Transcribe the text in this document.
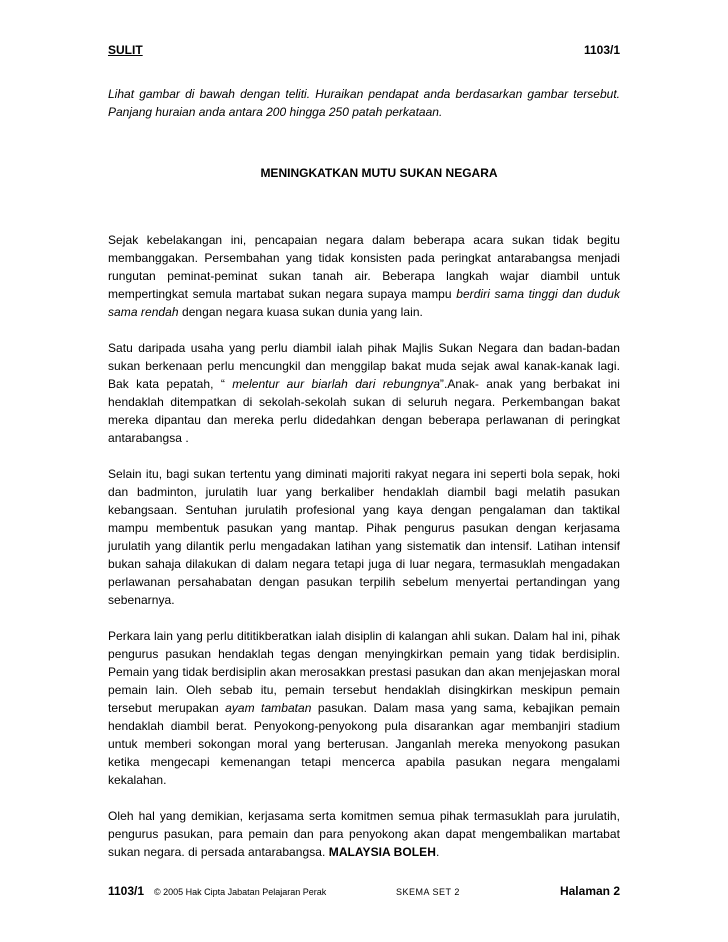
SULIT	1103/1

Lihat gambar di bawah dengan teliti. Huraikan pendapat anda berdasarkan gambar tersebut. Panjang huraian anda antara 200 hingga 250 patah perkataan.

MENINGKATKAN MUTU SUKAN NEGARA

Sejak kebelakangan ini, pencapaian negara dalam beberapa acara sukan tidak begitu membanggakan. Persembahan yang tidak konsisten pada peringkat antarabangsa menjadi rungutan peminat-peminat sukan tanah air. Beberapa langkah wajar diambil untuk mempertingkat semula martabat sukan negara supaya mampu berdiri sama tinggi dan duduk sama rendah dengan negara kuasa sukan dunia yang lain.

Satu daripada usaha yang perlu diambil ialah pihak Majlis Sukan Negara dan badan-badan sukan berkenaan perlu mencungkil dan menggilap bakat muda sejak awal kanak-kanak lagi. Bak kata pepatah, “ melentur aur biarlah dari rebungnya”.Anak- anak yang berbakat ini hendaklah ditempatkan di sekolah-sekolah sukan di seluruh negara. Perkembangan bakat mereka dipantau dan mereka perlu didedahkan dengan beberapa perlawanan di peringkat antarabangsa .

Selain itu, bagi sukan tertentu yang diminati majoriti rakyat negara ini seperti bola sepak, hoki dan badminton, jurulatih luar yang berkaliber hendaklah diambil bagi melatih pasukan kebangsaan. Sentuhan jurulatih profesional yang kaya dengan pengalaman dan taktikal mampu membentuk pasukan yang mantap. Pihak pengurus pasukan dengan kerjasama jurulatih yang dilantik perlu mengadakan latihan yang sistematik dan intensif. Latihan intensif bukan sahaja dilakukan di dalam negara tetapi juga di luar negara, termasuklah mengadakan perlawanan persahabatan dengan pasukan terpilih sebelum menyertai pertandingan yang sebenarnya.

Perkara lain yang perlu dititikberatkan ialah disiplin di kalangan ahli sukan. Dalam hal ini, pihak pengurus pasukan hendaklah tegas dengan menyingkirkan pemain yang tidak berdisiplin. Pemain yang tidak berdisiplin akan merosakkan prestasi pasukan dan akan menjejaskan moral pemain lain. Oleh sebab itu, pemain tersebut hendaklah disingkirkan meskipun pemain tersebut merupakan ayam tambatan pasukan. Dalam masa yang sama, kebajikan pemain hendaklah diambil berat. Penyokong-penyokong pula disarankan agar membanjiri stadium untuk memberi sokongan moral yang berterusan. Janganlah mereka menyokong pasukan ketika mengecapi kemenangan tetapi mencerca apabila pasukan negara mengalami kekalahan.

Oleh hal yang demikian, kerjasama serta komitmen semua pihak termasuklah para jurulatih, pengurus pasukan, para pemain dan para penyokong akan dapat mengembalikan martabat sukan negara. di persada antarabangsa. MALAYSIA BOLEH.

1103/1 © 2005 Hak Cipta Jabatan Pelajaran Perak	SKEMA SET 2	Halaman 2
